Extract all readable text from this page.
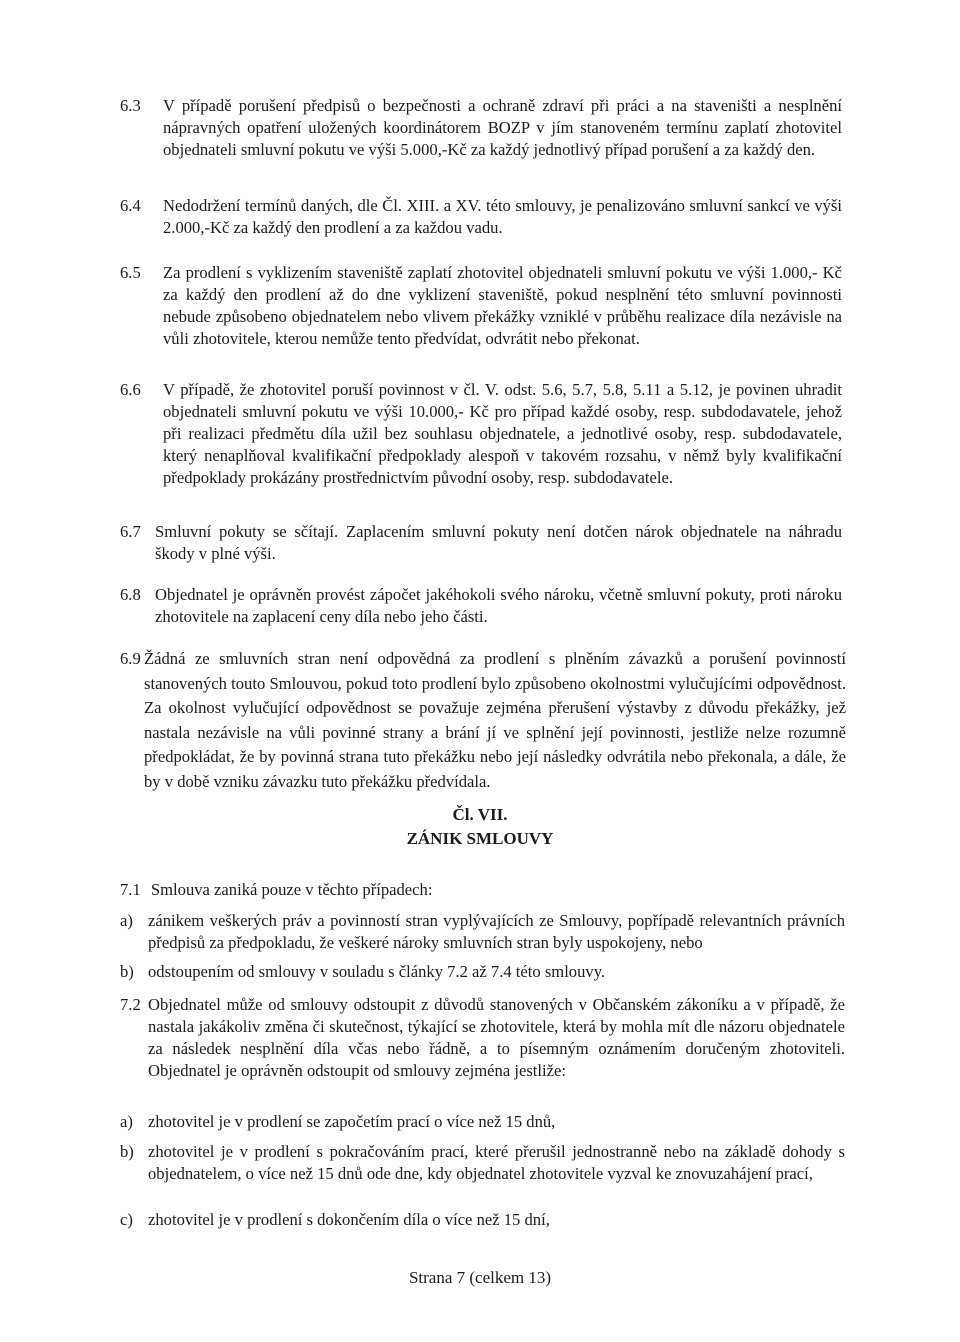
6.3 V případě porušení předpisů o bezpečnosti a ochraně zdraví při práci a na staveništi a nesplnění nápravných opatření uložených koordinátorem BOZP v jím stanoveném termínu zaplatí zhotovitel objednateli smluvní pokutu ve výši 5.000,-Kč za každý jednotlivý případ porušení a za každý den.
6.4 Nedodržení termínů daných, dle Čl. XIII. a XV. této smlouvy, je penalizováno smluvní sankcí ve výši 2.000,-Kč za každý den prodlení a za každou vadu.
6.5 Za prodlení s vyklizením staveniště zaplatí zhotovitel objednateli smluvní pokutu ve výši 1.000,- Kč za každý den prodlení až do dne vyklizení staveniště, pokud nesplnění této smluvní povinnosti nebude způsobeno objednatelem nebo vlivem překážky vzniklé v průběhu realizace díla nezávisle na vůli zhotovitele, kterou nemůže tento předvídat, odvrátit nebo překonat.
6.6 V případě, že zhotovitel poruší povinnost v čl. V. odst. 5.6, 5.7, 5.8, 5.11 a 5.12, je povinen uhradit objednateli smluvní pokutu ve výši 10.000,- Kč pro případ každé osoby, resp. subdodavatele, jehož při realizaci předmětu díla užil bez souhlasu objednatele, a jednotlivé osoby, resp. subdodavatele, který nenaplňoval kvalifikační předpoklady alespoň v takovém rozsahu, v němž byly kvalifikační předpoklady prokázány prostřednictvím původní osoby, resp. subdodavatele.
6.7 Smluvní pokuty se sčítají. Zaplacením smluvní pokuty není dotčen nárok objednatele na náhradu škody v plné výši.
6.8 Objednatel je oprávněn provést zápočet jakéhokoli svého nároku, včetně smluvní pokuty, proti nároku zhotovitele na zaplacení ceny díla nebo jeho části.
6.9 Žádná ze smluvních stran není odpovědná za prodlení s plněním závazků a porušení povinností stanovených touto Smlouvou, pokud toto prodlení bylo způsobeno okolnostmi vylučujícími odpovědnost. Za okolnost vylučující odpovědnost se považuje zejména přerušení výstavby z důvodu překážky, jež nastala nezávisle na vůli povinné strany a brání jí ve splnění její povinnosti, jestliže nelze rozumně předpokládat, že by povinná strana tuto překážku nebo její následky odvrátila nebo překonala, a dále, že by v době vzniku závazku tuto překážku předvídala.
Čl. VII.
ZÁNIK SMLOUVY
7.1 Smlouva zaniká pouze v těchto případech:
a) zánikem veškerých práv a povinností stran vyplývajících ze Smlouvy, popřípadě relevantních právních předpisů za předpokladu, že veškeré nároky smluvních stran byly uspokojeny, nebo
b) odstoupením od smlouvy v souladu s články 7.2 až 7.4 této smlouvy.
7.2 Objednatel může od smlouvy odstoupit z důvodů stanovených v Občanském zákoníku a v případě, že nastala jakákoliv změna či skutečnost, týkající se zhotovitele, která by mohla mít dle názoru objednatele za následek nesplnění díla včas nebo řádně, a to písemným oznámením doručeným zhotoviteli. Objednatel je oprávněn odstoupit od smlouvy zejména jestliže:
a) zhotovitel je v prodlení se započetím prací o více než 15 dnů,
b) zhotovitel je v prodlení s pokračováním prací, které přerušil jednostranně nebo na základě dohody s objednatelem, o více než 15 dnů ode dne, kdy objednatel zhotovitele vyzval ke znovuzahájení prací,
c) zhotovitel je v prodlení s dokončením díla o více než 15 dní,
Strana 7 (celkem 13)
